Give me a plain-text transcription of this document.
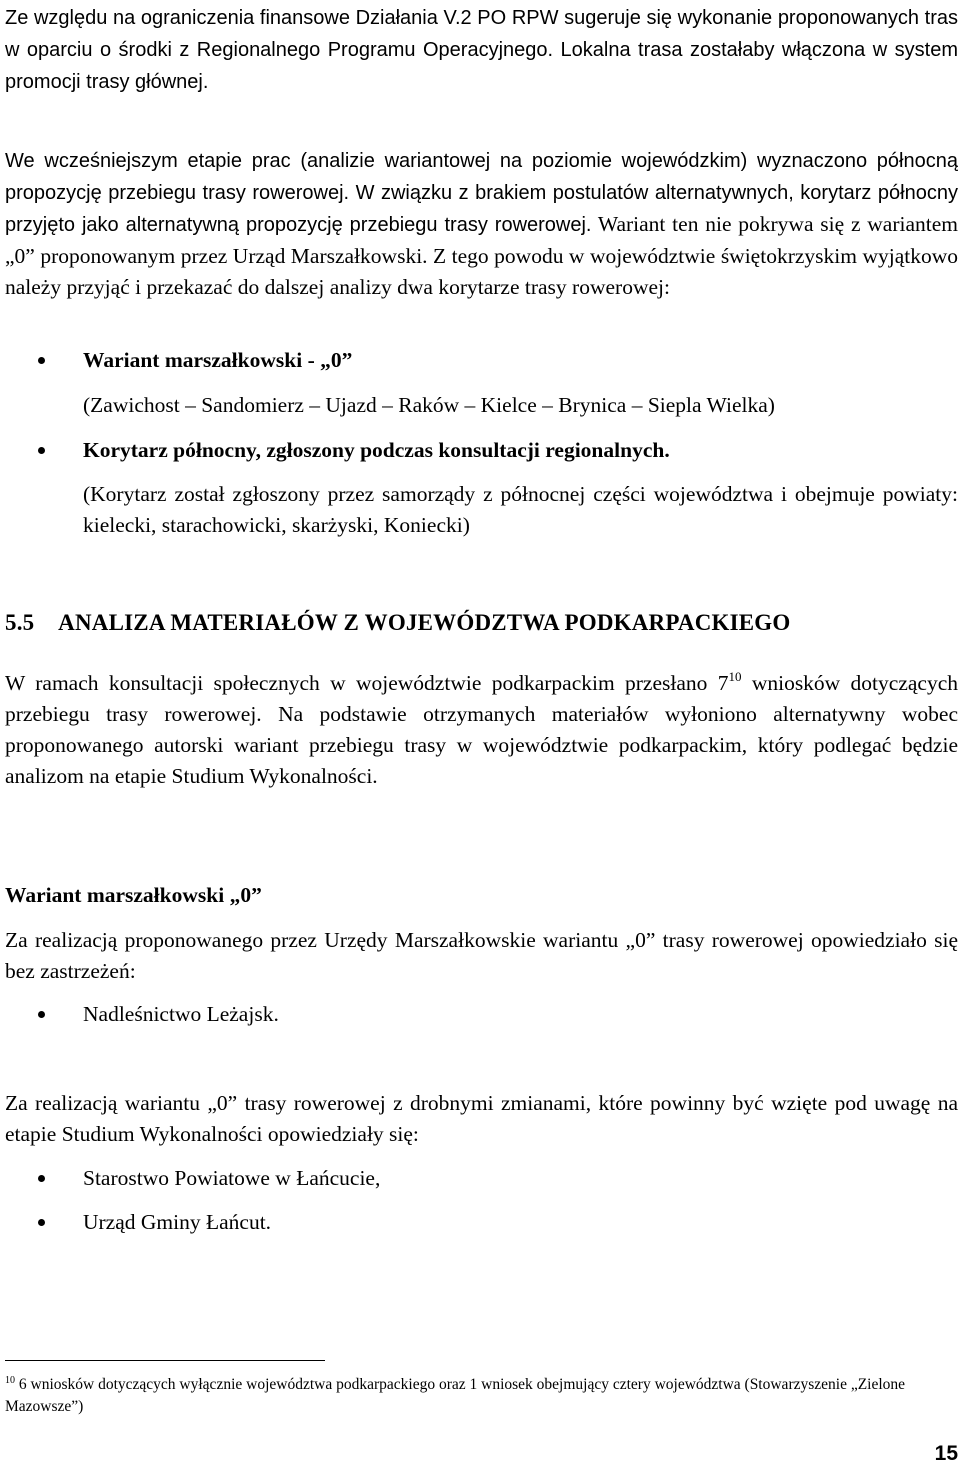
Ze względu na ograniczenia finansowe Działania V.2 PO RPW sugeruje się wykonanie proponowanych tras w oparciu o środki z Regionalnego Programu Operacyjnego. Lokalna trasa zostałaby włączona w system promocji trasy głównej.

We wcześniejszym etapie prac (analizie wariantowej na poziomie wojewódzkim) wyznaczono północną propozycję przebiegu trasy rowerowej. W związku z brakiem postulatów alternatywnych, korytarz północny przyjęto jako alternatywną propozycję przebiegu trasy rowerowej. Wariant ten nie pokrywa się z wariantem „0” proponowanym przez Urząd Marszałkowski. Z tego powodu w województwie świętokrzyskim wyjątkowo należy przyjąć i przekazać do dalszej analizy dwa korytarze trasy rowerowej:

Wariant marszałkowski - „0”

(Zawichost – Sandomierz – Ujazd – Raków – Kielce – Brynica – Siepla Wielka)

Korytarz północny, zgłoszony podczas konsultacji regionalnych.

(Korytarz został zgłoszony przez samorządy z północnej części województwa i obejmuje powiaty: kielecki, starachowicki, skarżyski, Koniecki)

5.5 ANALIZA MATERIAŁÓW Z WOJEWÓDZTWA PODKARPACKIEGO

W ramach konsultacji społecznych w województwie podkarpackim przesłano $7^{10}$ wniosków dotyczących przebiegu trasy rowerowej. Na podstawie otrzymanych materiałów wyłoniono alternatywny wobec proponowanego autorski wariant przebiegu trasy w województwie podkarpackim, który podlegać będzie analizom na etapie Studium Wykonalności.

Wariant marszałkowski „0”

Za realizacją proponowanego przez Urzędy Marszałkowskie wariantu „0” trasy rowerowej opowiedziało się bez zastrzeżeń:

Nadleśnictwo Leżajsk.

Za realizacją wariantu „0” trasy rowerowej z drobnymi zmianami, które powinny być wzięte pod uwagę na etapie Studium Wykonalności opowiedziały się:

Starostwo Powiatowe w Łańcucie,
Urząd Gminy Łańcut.

$^{10}$ 6 wniosków dotyczących wyłącznie województwa podkarpackiego oraz 1 wniosek obejmujący cztery województwa (Stowarzyszenie „Zielone Mazowsze”)

15
